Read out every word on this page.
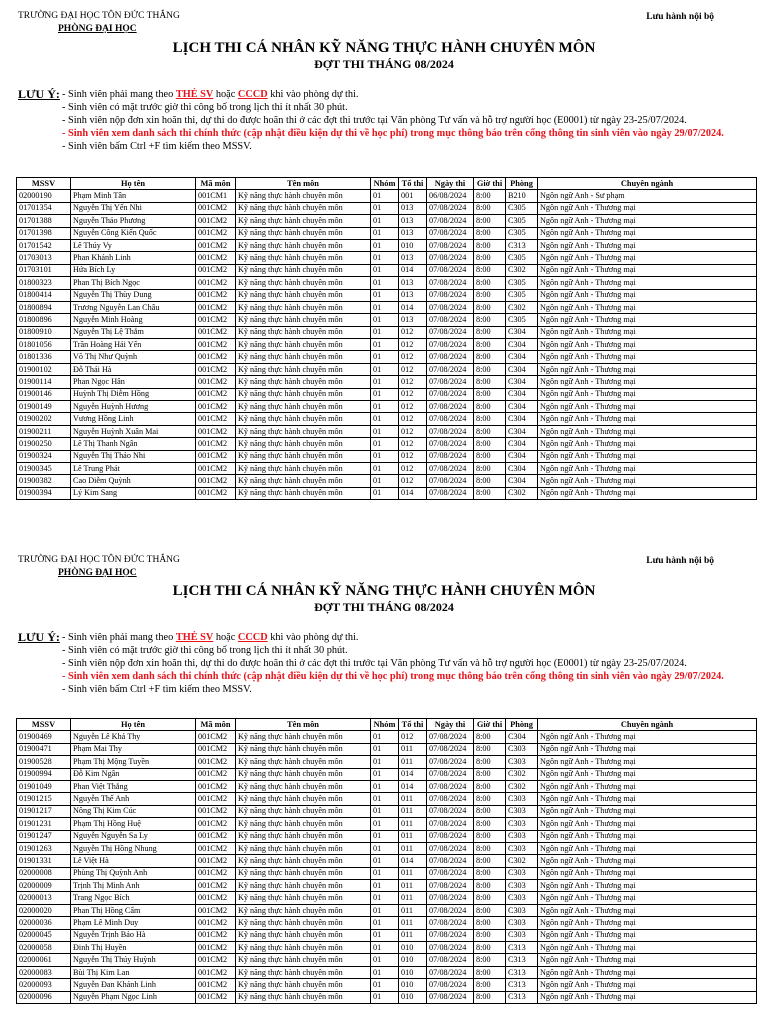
TRƯỜNG ĐẠI HỌC TÔN ĐỨC THẮNG
PHÒNG ĐẠI HỌC
Lưu hành nội bộ
LỊCH THI CÁ NHÂN KỸ NĂNG THỰC HÀNH CHUYÊN MÔN
ĐỢT THI THÁNG 08/2024
LƯU Ý: - Sinh viên phải mang theo THẺ SV hoặc CCCD khi vào phòng dự thi.
- Sinh viên có mặt trước giờ thi công bố trong lịch thi ít nhất 30 phút.
- Sinh viên nộp đơn xin hoãn thi, dự thi do được hoãn thi ở các đợt thi trước tại Văn phòng Tư vấn và hỗ trợ người học (E0001) từ ngày 23-25/07/2024.
- Sinh viên xem danh sách thi chính thức (cập nhật điều kiện dự thi về học phí) trong mục thông báo trên cổng thông tin sinh viên vào ngày 29/07/2024.
- Sinh viên bấm Ctrl +F tìm kiếm theo MSSV.
MSSV	Họ tên	Mã môn	Tên môn	Nhóm	Tổ thi	Ngày thi	Giờ thi	Phòng	Chuyên ngành
02000190	Phạm Minh Tân	001CM1	Kỹ năng thực hành chuyên môn	01	001	06/08/2024	8:00	B210	Ngôn ngữ Anh - Sư phạm
01701354	Nguyễn Thị Yến Nhi	001CM2	Kỹ năng thực hành chuyên môn	01	013	07/08/2024	8:00	C305	Ngôn ngữ Anh - Thương mại
01701388	Nguyễn Thảo Phương	001CM2	Kỹ năng thực hành chuyên môn	01	013	07/08/2024	8:00	C305	Ngôn ngữ Anh - Thương mại
01701398	Nguyễn Công Kiến Quốc	001CM2	Kỹ năng thực hành chuyên môn	01	013	07/08/2024	8:00	C305	Ngôn ngữ Anh - Thương mại
01701542	Lê Thúy Vy	001CM2	Kỹ năng thực hành chuyên môn	01	010	07/08/2024	8:00	C313	Ngôn ngữ Anh - Thương mại
01703013	Phan Khánh Linh	001CM2	Kỹ năng thực hành chuyên môn	01	013	07/08/2024	8:00	C305	Ngôn ngữ Anh - Thương mại
01703101	Hứa Bích Ly	001CM2	Kỹ năng thực hành chuyên môn	01	014	07/08/2024	8:00	C302	Ngôn ngữ Anh - Thương mại
01800323	Phan Thị Bích Ngọc	001CM2	Kỹ năng thực hành chuyên môn	01	013	07/08/2024	8:00	C305	Ngôn ngữ Anh - Thương mại
01800414	Nguyễn Thị Thùy Dung	001CM2	Kỹ năng thực hành chuyên môn	01	013	07/08/2024	8:00	C305	Ngôn ngữ Anh - Thương mại
01800894	Trương Nguyễn Lan Châu	001CM2	Kỹ năng thực hành chuyên môn	01	014	07/08/2024	8:00	C302	Ngôn ngữ Anh - Thương mại
01800896	Nguyễn Minh Hoàng	001CM2	Kỹ năng thực hành chuyên môn	01	013	07/08/2024	8:00	C305	Ngôn ngữ Anh - Thương mại
01800910	Nguyễn Thị Lệ Thắm	001CM2	Kỹ năng thực hành chuyên môn	01	012	07/08/2024	8:00	C304	Ngôn ngữ Anh - Thương mại
01801056	Trần Hoàng Hải Yến	001CM2	Kỹ năng thực hành chuyên môn	01	012	07/08/2024	8:00	C304	Ngôn ngữ Anh - Thương mại
01801336	Võ Thị Như Quỳnh	001CM2	Kỹ năng thực hành chuyên môn	01	012	07/08/2024	8:00	C304	Ngôn ngữ Anh - Thương mại
01900102	Đỗ Thái Hà	001CM2	Kỹ năng thực hành chuyên môn	01	012	07/08/2024	8:00	C304	Ngôn ngữ Anh - Thương mại
01900114	Phan Ngọc Hân	001CM2	Kỹ năng thực hành chuyên môn	01	012	07/08/2024	8:00	C304	Ngôn ngữ Anh - Thương mại
01900146	Huỳnh Thị Diễm Hồng	001CM2	Kỹ năng thực hành chuyên môn	01	012	07/08/2024	8:00	C304	Ngôn ngữ Anh - Thương mại
01900149	Nguyễn Huỳnh Hương	001CM2	Kỹ năng thực hành chuyên môn	01	012	07/08/2024	8:00	C304	Ngôn ngữ Anh - Thương mại
01900202	Vương Hồng Linh	001CM2	Kỹ năng thực hành chuyên môn	01	012	07/08/2024	8:00	C304	Ngôn ngữ Anh - Thương mại
01900211	Nguyễn Huỳnh Xuân Mai	001CM2	Kỹ năng thực hành chuyên môn	01	012	07/08/2024	8:00	C304	Ngôn ngữ Anh - Thương mại
01900250	Lê Thị Thanh Ngân	001CM2	Kỹ năng thực hành chuyên môn	01	012	07/08/2024	8:00	C304	Ngôn ngữ Anh - Thương mại
01900324	Nguyễn Thị Thảo Nhi	001CM2	Kỹ năng thực hành chuyên môn	01	012	07/08/2024	8:00	C304	Ngôn ngữ Anh - Thương mại
01900345	Lê Trung Phát	001CM2	Kỹ năng thực hành chuyên môn	01	012	07/08/2024	8:00	C304	Ngôn ngữ Anh - Thương mại
01900382	Cao Diễm Quỳnh	001CM2	Kỹ năng thực hành chuyên môn	01	012	07/08/2024	8:00	C304	Ngôn ngữ Anh - Thương mại
01900394	Lý Kim Sang	001CM2	Kỹ năng thực hành chuyên môn	01	014	07/08/2024	8:00	C302	Ngôn ngữ Anh - Thương mại
TRƯỜNG ĐẠI HỌC TÔN ĐỨC THẮNG
PHÒNG ĐẠI HỌC
Lưu hành nội bộ
LỊCH THI CÁ NHÂN KỸ NĂNG THỰC HÀNH CHUYÊN MÔN
ĐỢT THI THÁNG 08/2024
LƯU Ý: - Sinh viên phải mang theo THẺ SV hoặc CCCD khi vào phòng dự thi.
- Sinh viên có mặt trước giờ thi công bố trong lịch thi ít nhất 30 phút.
- Sinh viên nộp đơn xin hoãn thi, dự thi do được hoãn thi ở các đợt thi trước tại Văn phòng Tư vấn và hỗ trợ người học (E0001) từ ngày 23-25/07/2024.
- Sinh viên xem danh sách thi chính thức (cập nhật điều kiện dự thi về học phí) trong mục thông báo trên cổng thông tin sinh viên vào ngày 29/07/2024.
- Sinh viên bấm Ctrl +F tìm kiếm theo MSSV.
MSSV	Họ tên	Mã môn	Tên môn	Nhóm	Tổ thi	Ngày thi	Giờ thi	Phòng	Chuyên ngành
01900469	Nguyễn Lê Khả Thy	001CM2	Kỹ năng thực hành chuyên môn	01	012	07/08/2024	8:00	C304	Ngôn ngữ Anh - Thương mại
01900471	Phạm Mai Thy	001CM2	Kỹ năng thực hành chuyên môn	01	011	07/08/2024	8:00	C303	Ngôn ngữ Anh - Thương mại
01900528	Phạm Thị Mộng Tuyền	001CM2	Kỹ năng thực hành chuyên môn	01	011	07/08/2024	8:00	C303	Ngôn ngữ Anh - Thương mại
01900994	Đỗ Kim Ngân	001CM2	Kỹ năng thực hành chuyên môn	01	014	07/08/2024	8:00	C302	Ngôn ngữ Anh - Thương mại
01901049	Phan Việt Thắng	001CM2	Kỹ năng thực hành chuyên môn	01	014	07/08/2024	8:00	C302	Ngôn ngữ Anh - Thương mại
01901215	Nguyễn Thế Anh	001CM2	Kỹ năng thực hành chuyên môn	01	011	07/08/2024	8:00	C303	Ngôn ngữ Anh - Thương mại
01901217	Nông Thị Kim Cúc	001CM2	Kỹ năng thực hành chuyên môn	01	011	07/08/2024	8:00	C303	Ngôn ngữ Anh - Thương mại
01901231	Phạm Thị Hồng Huệ	001CM2	Kỹ năng thực hành chuyên môn	01	011	07/08/2024	8:00	C303	Ngôn ngữ Anh - Thương mại
01901247	Nguyễn Nguyễn Sa Ly	001CM2	Kỹ năng thực hành chuyên môn	01	011	07/08/2024	8:00	C303	Ngôn ngữ Anh - Thương mại
01901263	Nguyễn Thị Hồng Nhung	001CM2	Kỹ năng thực hành chuyên môn	01	011	07/08/2024	8:00	C303	Ngôn ngữ Anh - Thương mại
01901331	Lê Việt Hà	001CM2	Kỹ năng thực hành chuyên môn	01	014	07/08/2024	8:00	C302	Ngôn ngữ Anh - Thương mại
02000008	Phùng Thị Quỳnh Anh	001CM2	Kỹ năng thực hành chuyên môn	01	011	07/08/2024	8:00	C303	Ngôn ngữ Anh - Thương mại
02000009	Trịnh Thị Minh Anh	001CM2	Kỹ năng thực hành chuyên môn	01	011	07/08/2024	8:00	C303	Ngôn ngữ Anh - Thương mại
02000013	Trang Ngọc Bích	001CM2	Kỹ năng thực hành chuyên môn	01	011	07/08/2024	8:00	C303	Ngôn ngữ Anh - Thương mại
02000020	Phan Thị Hồng Cẩm	001CM2	Kỹ năng thực hành chuyên môn	01	011	07/08/2024	8:00	C303	Ngôn ngữ Anh - Thương mại
02000036	Phạm Lê Minh Duy	001CM2	Kỹ năng thực hành chuyên môn	01	011	07/08/2024	8:00	C303	Ngôn ngữ Anh - Thương mại
02000045	Nguyễn Trịnh Bảo Hà	001CM2	Kỹ năng thực hành chuyên môn	01	011	07/08/2024	8:00	C303	Ngôn ngữ Anh - Thương mại
02000058	Đinh Thị Huyền	001CM2	Kỹ năng thực hành chuyên môn	01	010	07/08/2024	8:00	C313	Ngôn ngữ Anh - Thương mại
02000061	Nguyễn Thị Thúy Huỳnh	001CM2	Kỹ năng thực hành chuyên môn	01	010	07/08/2024	8:00	C313	Ngôn ngữ Anh - Thương mại
02000083	Bùi Thị Kim Lan	001CM2	Kỹ năng thực hành chuyên môn	01	010	07/08/2024	8:00	C313	Ngôn ngữ Anh - Thương mại
02000093	Nguyễn Đan Khánh Linh	001CM2	Kỹ năng thực hành chuyên môn	01	010	07/08/2024	8:00	C313	Ngôn ngữ Anh - Thương mại
02000096	Nguyễn Phạm Ngọc Linh	001CM2	Kỹ năng thực hành chuyên môn	01	010	07/08/2024	8:00	C313	Ngôn ngữ Anh - Thương mại
